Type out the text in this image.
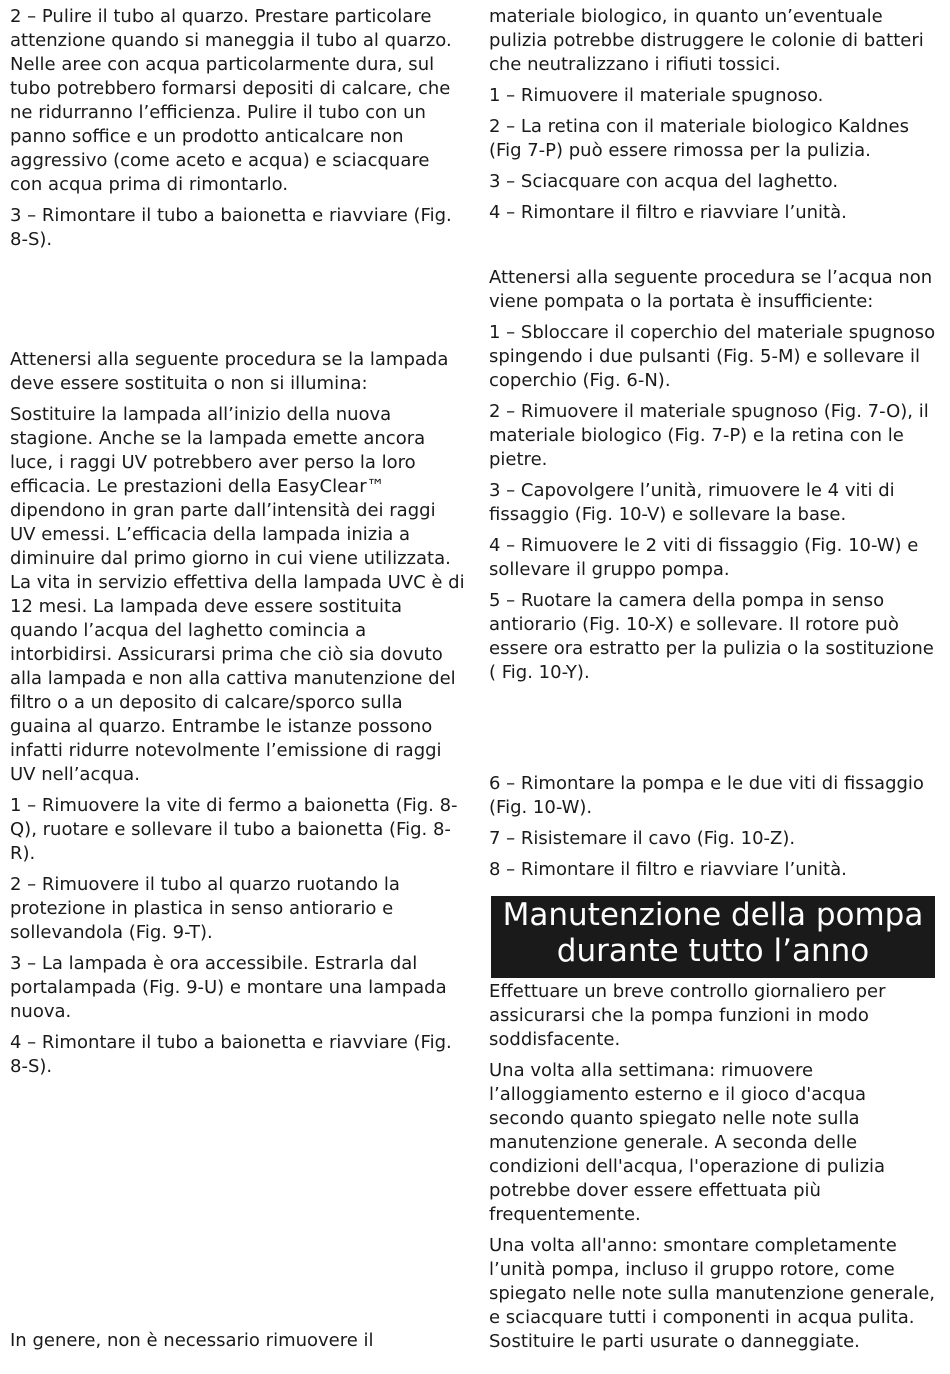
2 – Pulire il tubo al quarzo. Prestare particolare attenzione quando si maneggia il tubo al quarzo. Nelle aree con acqua particolarmente dura, sul tubo potrebbero formarsi depositi di calcare, che ne ridurranno l’efficienza. Pulire il tubo con un panno soffice e un prodotto anticalcare non aggressivo (come aceto e acqua) e sciacquare con acqua prima di rimontarlo.

3 – Rimontare il tubo a baionetta e riavviare (Fig. 8-S).

Attenersi alla seguente procedura se la lampada deve essere sostituita o non si illumina:

Sostituire la lampada all’inizio della nuova stagione. Anche se la lampada emette ancora luce, i raggi UV potrebbero aver perso la loro efficacia. Le prestazioni della EasyClear™ dipendono in gran parte dall’intensità dei raggi UV emessi. L’efficacia della lampada inizia a diminuire dal primo giorno in cui viene utilizzata. La vita in servizio effettiva della lampada UVC è di 12 mesi. La lampada deve essere sostituita quando l’acqua del laghetto comincia a intorbidirsi. Assicurarsi prima che ciò sia dovuto alla lampada e non alla cattiva manutenzione del filtro o a un deposito di calcare/sporco sulla guaina al quarzo. Entrambe le istanze possono infatti ridurre notevolmente l’emissione di raggi UV nell’acqua.

1 – Rimuovere la vite di fermo a baionetta (Fig. 8-Q), ruotare e sollevare il tubo a baionetta (Fig. 8-R).

2 – Rimuovere il tubo al quarzo ruotando la protezione in plastica in senso antiorario e sollevandola (Fig. 9-T).

3 – La lampada è ora accessibile. Estrarla dal portalampada (Fig. 9-U) e montare una lampada nuova.

4 – Rimontare il tubo a baionetta e riavviare (Fig. 8-S).

In genere, non è necessario rimuovere il

materiale biologico, in quanto un’eventuale pulizia potrebbe distruggere le colonie di batteri che neutralizzano i rifiuti tossici.

1 – Rimuovere il materiale spugnoso.

2 – La retina con il materiale biologico Kaldnes (Fig 7-P) può essere rimossa per la pulizia.

3 – Sciacquare con acqua del laghetto.

4 – Rimontare il filtro e riavviare l’unità.

Attenersi alla seguente procedura se l’acqua non viene pompata o la portata è insufficiente:

1 – Sbloccare il coperchio del materiale spugnoso spingendo i due pulsanti (Fig. 5-M) e sollevare il coperchio (Fig. 6-N).

2 – Rimuovere il materiale spugnoso (Fig. 7-O), il materiale biologico (Fig. 7-P) e la retina con le pietre.

3 – Capovolgere l’unità, rimuovere le 4 viti di fissaggio (Fig. 10-V) e sollevare la base.

4 – Rimuovere le 2 viti di fissaggio (Fig. 10-W) e sollevare il gruppo pompa.

5 – Ruotare la camera della pompa in senso antiorario (Fig. 10-X) e sollevare. Il rotore può essere ora estratto per la pulizia o la sostituzione ( Fig. 10-Y).

6 – Rimontare la pompa e le due viti di fissaggio (Fig. 10-W).

7 – Risistemare il cavo (Fig. 10-Z).

8 – Rimontare il filtro e riavviare l’unità.

Manutenzione della pompa
durante tutto l’anno

Effettuare un breve controllo giornaliero per assicurarsi che la pompa funzioni in modo soddisfacente.

Una volta alla settimana: rimuovere l’alloggiamento esterno e il gioco d'acqua secondo quanto spiegato nelle note sulla manutenzione generale. A seconda delle condizioni dell'acqua, l'operazione di pulizia potrebbe dover essere effettuata più frequentemente.

Una volta all'anno: smontare completamente l’unità pompa, incluso il gruppo rotore, come spiegato nelle note sulla manutenzione generale, e sciacquare tutti i componenti in acqua pulita. Sostituire le parti usurate o danneggiate.
